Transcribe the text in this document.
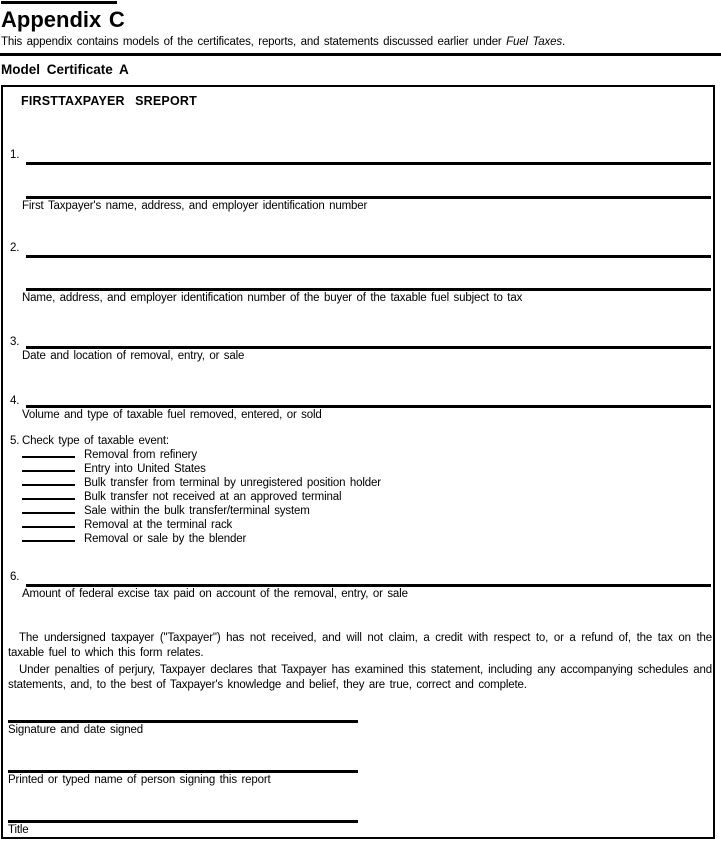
Appendix C
This appendix contains models of the certificates, reports, and statements discussed earlier under Fuel Taxes.
Model Certificate A
FIRSTTAXPAYER  SREPORT
1.
First Taxpayer's name, address, and employer identification number
2.
Name, address, and employer identification number of the buyer of the taxable fuel subject to tax
3.
Date and location of removal, entry, or sale
4.
Volume and type of taxable fuel removed, entered, or sold
5. Check type of taxable event:
Removal from refinery
Entry into United States
Bulk transfer from terminal by unregistered position holder
Bulk transfer not received at an approved terminal
Sale within the bulk transfer/terminal system
Removal at the terminal rack
Removal or sale by the blender
6.
Amount of federal excise tax paid on account of the removal, entry, or sale
The undersigned taxpayer ("Taxpayer") has not received, and will not claim, a credit with respect to, or a refund of, the tax on the taxable fuel to which this form relates.
Under penalties of perjury, Taxpayer declares that Taxpayer has examined this statement, including any accompanying schedules and statements, and, to the best of Taxpayer's knowledge and belief, they are true, correct and complete.
Signature and date signed
Printed or typed name of person signing this report
Title
